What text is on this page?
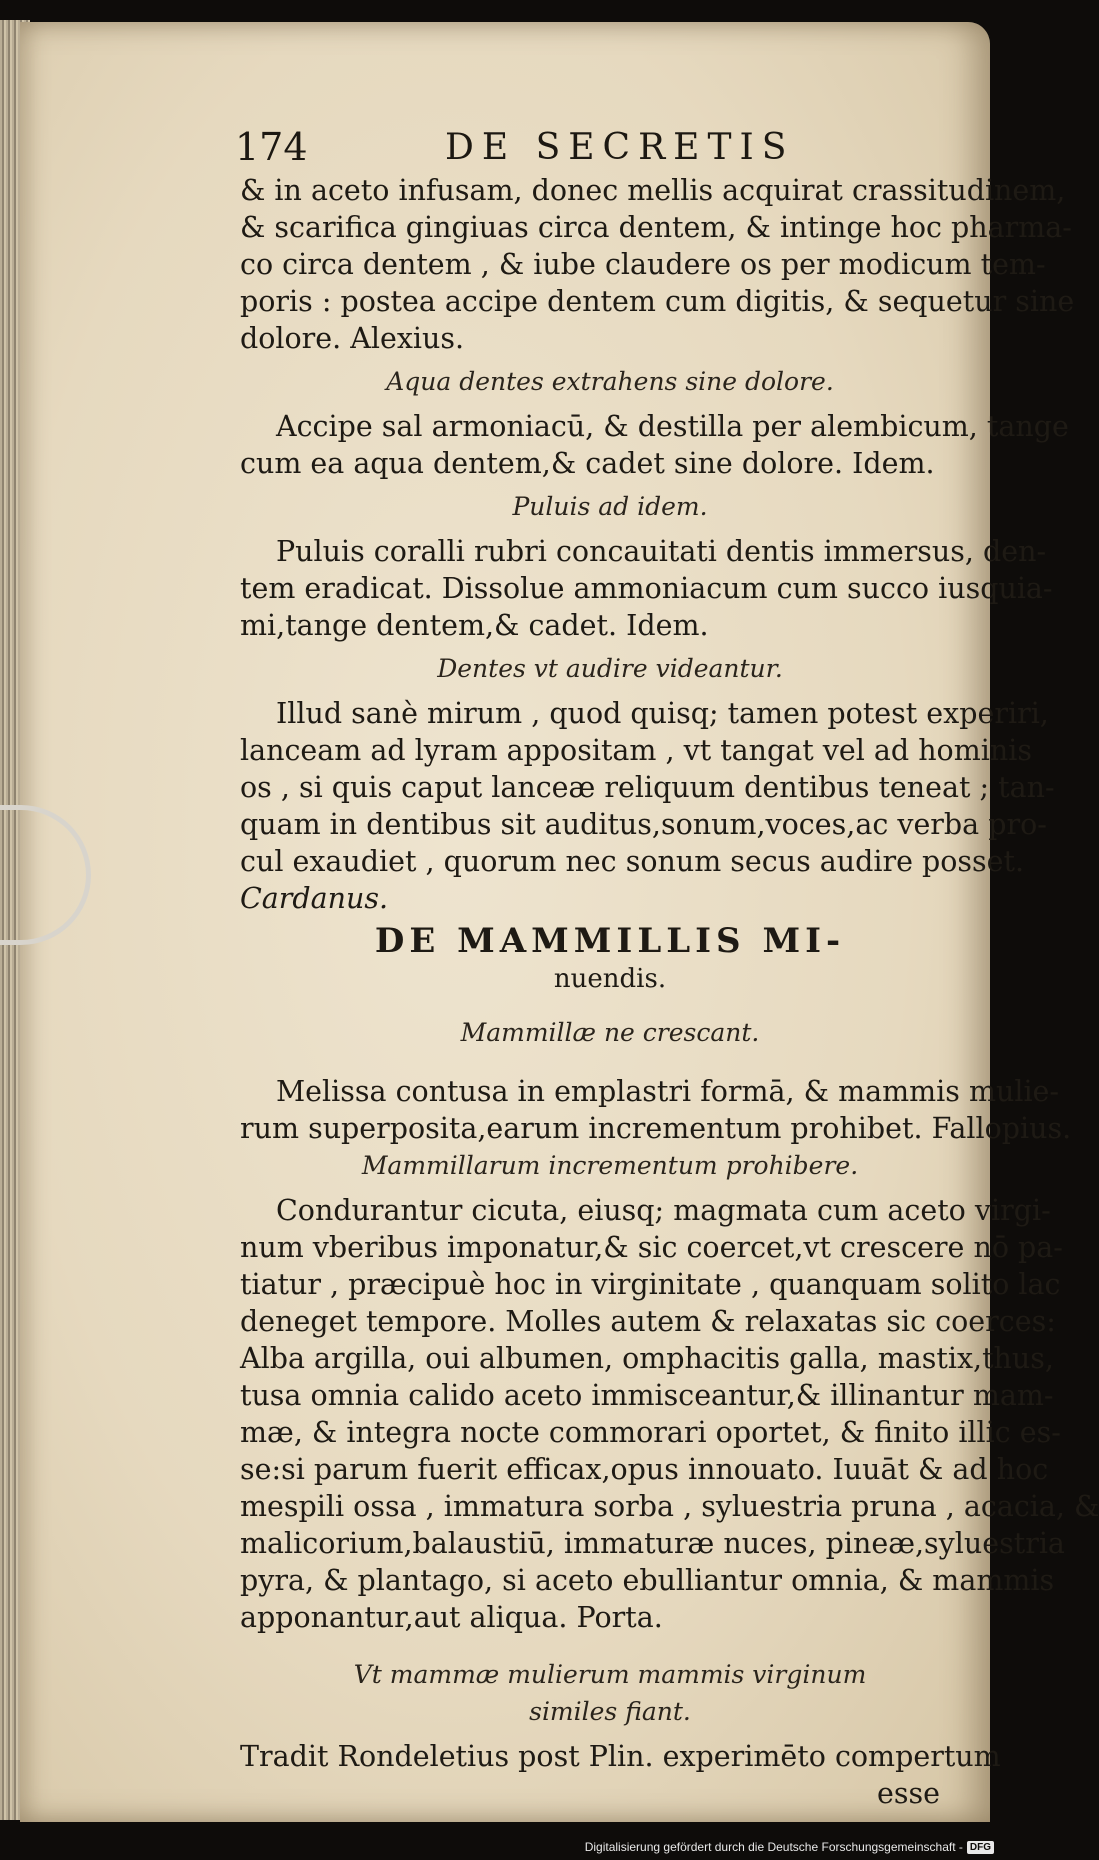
174	DE SECRETIS
& in aceto infusam, donec mellis acquirat crassitudinem,
& scarifica gingiuas circa dentem, & intinge hoc pharma-
co circa dentem , & iube claudere os per modicum tem-
poris : postea accipe dentem cum digitis, & sequetur sine
dolore. Alexius.
Aqua dentes extrahens sine dolore.
Accipe sal armoniacū, & destilla per alembicum, tange
cum ea aqua dentem,& cadet sine dolore. Idem.
Puluis ad idem.
Puluis coralli rubri concauitati dentis immersus, den-
tem eradicat. Dissolue ammoniacum cum succo iusquia-
mi,tange dentem,& cadet. Idem.
Dentes vt audire videantur.
Illud sanè mirum , quod quisq; tamen potest experiri,
lanceam ad lyram appositam , vt tangat vel ad hominis
os , si quis caput lanceæ reliquum dentibus teneat ; tan-
quam in dentibus sit auditus,sonum,voces,ac verba pro-
cul exaudiet , quorum nec sonum secus audire posset.
Cardanus.
DE MAMMILLIS MI-
nuendis.
Mammillæ ne crescant.
Melissa contusa in emplastri formā, & mammis mulie-
rum superposita,earum incrementum prohibet. Fallopius.
Mammillarum incrementum prohibere.
Condurantur cicuta, eiusq; magmata cum aceto virgi-
num vberibus imponatur,& sic coercet,vt crescere nō pa-
tiatur , præcipuè hoc in virginitate , quanquam solito lac
deneget tempore. Molles autem & relaxatas sic coerces:
Alba argilla, oui albumen, omphacitis galla, mastix,thus,
tusa omnia calido aceto immisceantur,& illinantur mam-
mæ, & integra nocte commorari oportet, & finito illic es-
se:si parum fuerit efficax,opus innouato. Iuuāt & ad hoc
mespili ossa , immatura sorba , syluestria pruna , acacia, &
malicorium,balaustiū, immaturæ nuces, pineæ,syluestria
pyra, & plantago, si aceto ebulliantur omnia, & mammis
apponantur,aut aliqua. Porta.
Vt mammæ mulierum mammis virginum
similes fiant.
Tradit Rondeletius post Plin. experimēto compertum
esse
Digitalisierung gefördert durch die Deutsche Forschungsgemeinschaft - DFG
